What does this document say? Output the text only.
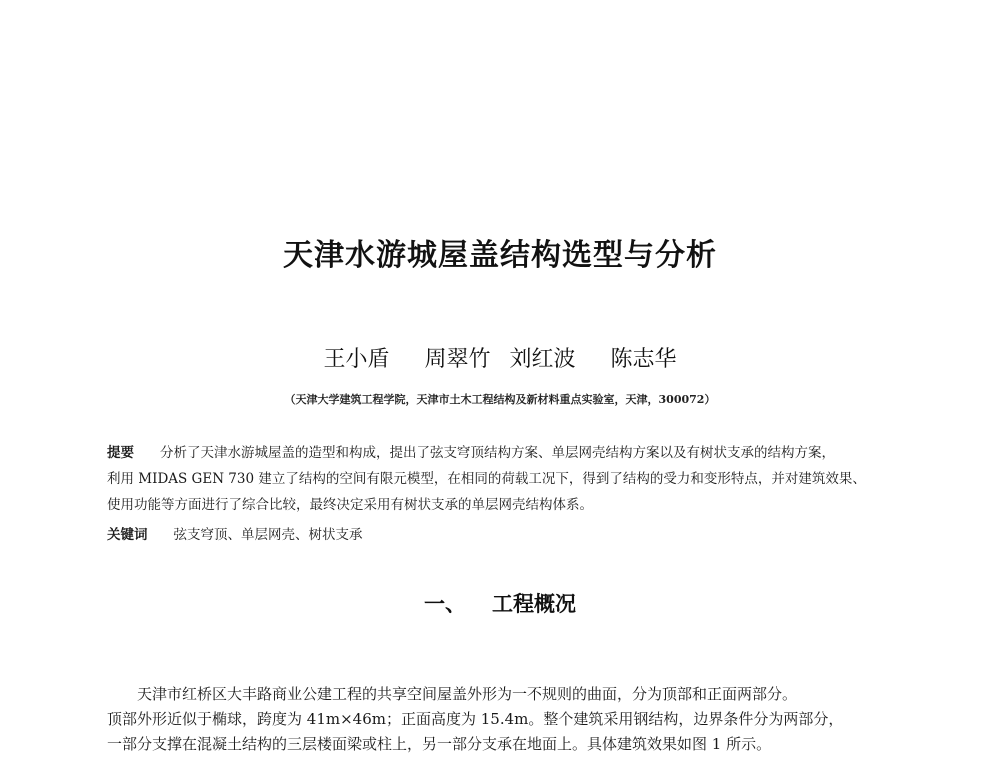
天津水游城屋盖结构选型与分析
王小盾 周翠竹 刘红波 陈志华
（天津大学建筑工程学院，天津市土木工程结构及新材料重点实验室，天津，300072）
提要 分析了天津水游城屋盖的造型和构成，提出了弦支穹顶结构方案、单层网壳结构方案以及有树状支承的结构方案，
利用 MIDAS GEN 730 建立了结构的空间有限元模型，在相同的荷载工况下，得到了结构的受力和变形特点，并对建筑效果、
使用功能等方面进行了综合比较，最终决定采用有树状支承的单层网壳结构体系。
关键词 弦支穹顶、单层网壳、树状支承
一、 工程概况
天津市红桥区大丰路商业公建工程的共享空间屋盖外形为一不规则的曲面，分为顶部和正面两部分。
顶部外形近似于椭球，跨度为 41m×46m；正面高度为 15.4m。整个建筑采用钢结构，边界条件分为两部分，
一部分支撑在混凝土结构的三层楼面梁或柱上，另一部分支承在地面上。具体建筑效果如图 1 所示。
